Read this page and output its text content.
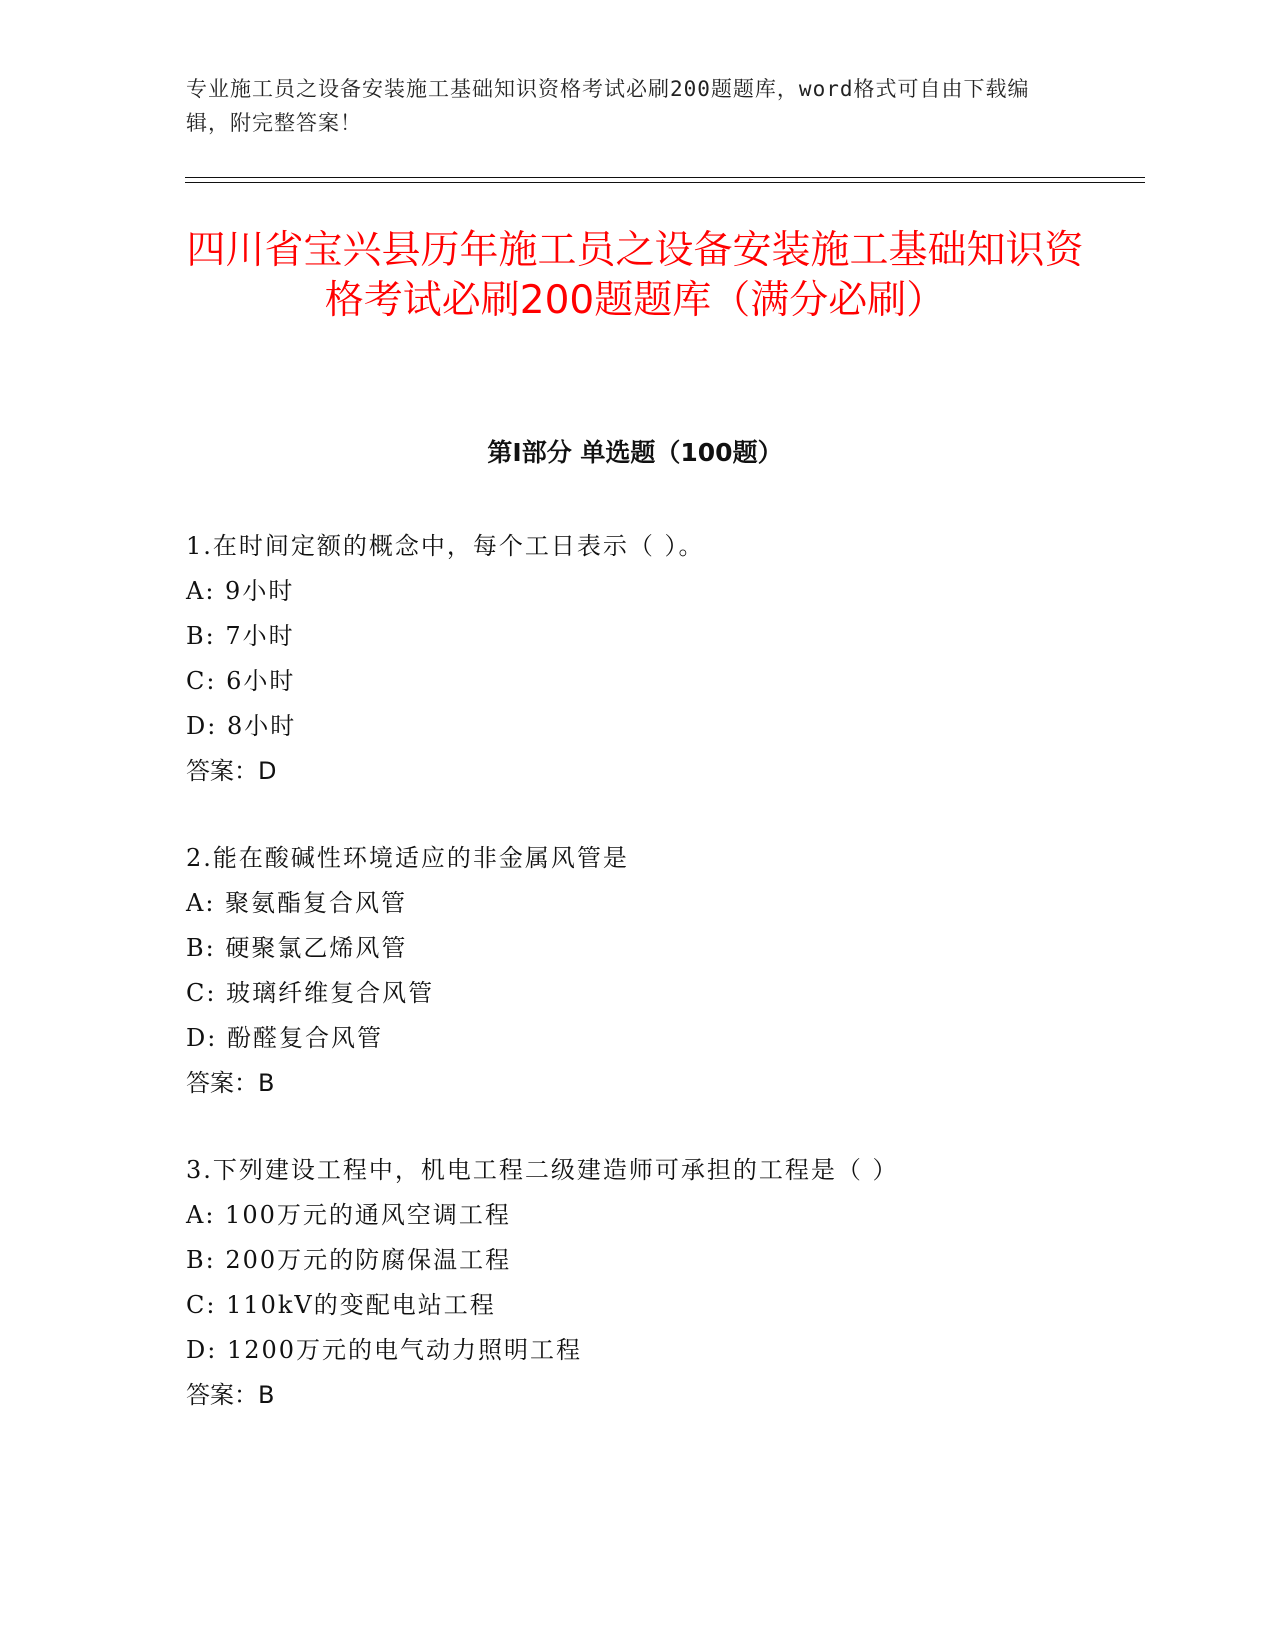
专业施工员之设备安装施工基础知识资格考试必刷200题题库，word格式可自由下载编辑，附完整答案！
四川省宝兴县历年施工员之设备安装施工基础知识资格考试必刷200题题库（满分必刷）
第I部分 单选题（100题）
1.在时间定额的概念中，每个工日表示（ ）。
A: 9小时
B: 7小时
C: 6小时
D: 8小时
答案：D
2.能在酸碱性环境适应的非金属风管是
A: 聚氨酯复合风管
B: 硬聚氯乙烯风管
C: 玻璃纤维复合风管
D: 酚醛复合风管
答案：B
3.下列建设工程中，机电工程二级建造师可承担的工程是（ ）
A: 100万元的通风空调工程
B: 200万元的防腐保温工程
C: 110kV的变配电站工程
D: 1200万元的电气动力照明工程
答案：B
